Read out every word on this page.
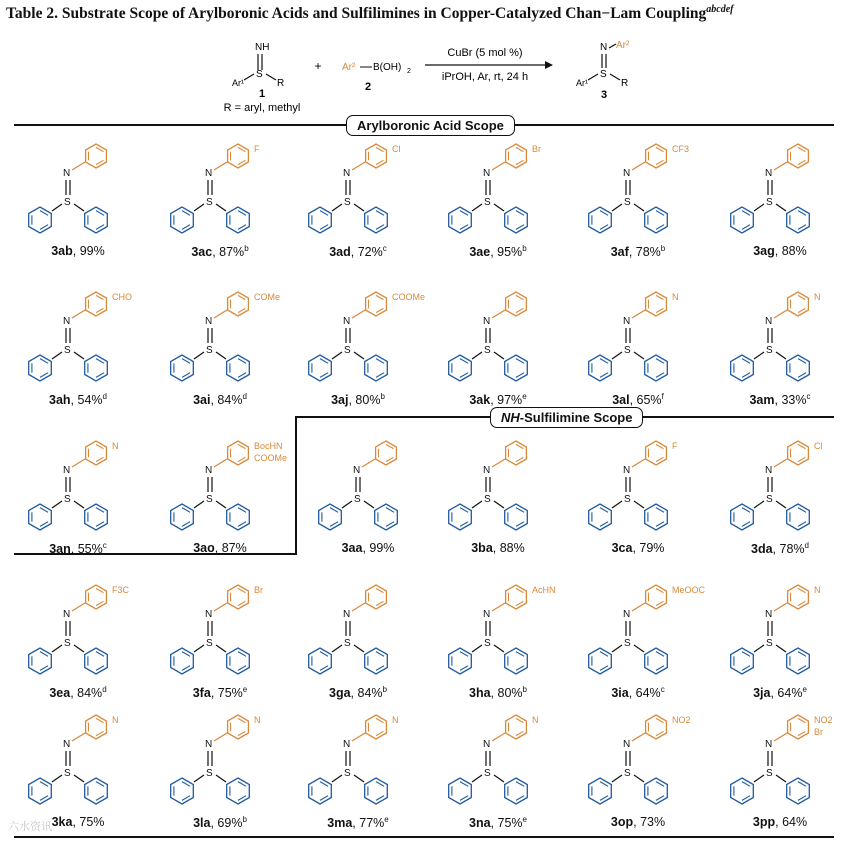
Table 2. Substrate Scope of Arylboronic Acids and Sulfilimines in Copper-Catalyzed Chan−Lam Coupling$^{abcdef}$
NH
S
Ar¹	R
1
R = aryl, methyl
+ Ar² B(OH) 2
2
CuBr (5 mol %)
iPrOH, Ar, rt, 24 h
Ar²
N
S
Ar¹	R
3
Arylboronic Acid Scope
NH-Sulfilimine Scope
N
S
3ab, 99%
F
N
S
3ac, 87%$^b$
Cl
N
S
3ad, 72%$^c$
Br
N
S
3ae, 95%$^b$
CF3
N
S
3af, 78%$^b$
N
S
3ag, 88%
CHO
N
S
3ah, 54%$^d$
COMe
N
S
3ai, 84%$^d$
COOMe
N
S
3aj, 80%$^b$
N
S
3ak, 97%$^e$
N
N
S
3al, 65%$^f$
N
N
S
3am, 33%$^c$
N
N
S
3an, 55%$^c$
BocHN
COOMe
N
S
3ao, 87%
N
S
3aa, 99%
N
S
3ba, 88%
F
N
S
3ca, 79%
Cl
N
S
3da, 78%$^d$
F3C
N
S
3ea, 84%$^d$
Br
N
S
3fa, 75%$^e$
N
S
3ga, 84%$^b$
AcHN
N
S
3ha, 80%$^b$
MeOOC
N
S
3ia, 64%$^c$
N
N
S
3ja, 64%$^e$
N
N
S
3ka, 75%
N
N
S
3la, 69%$^b$
N
N
S
3ma, 77%$^e$
N
N
S
3na, 75%$^e$
NO2
N
S
3op, 73%
NO2
Br
N
S
3pp, 64%
六水资讯
